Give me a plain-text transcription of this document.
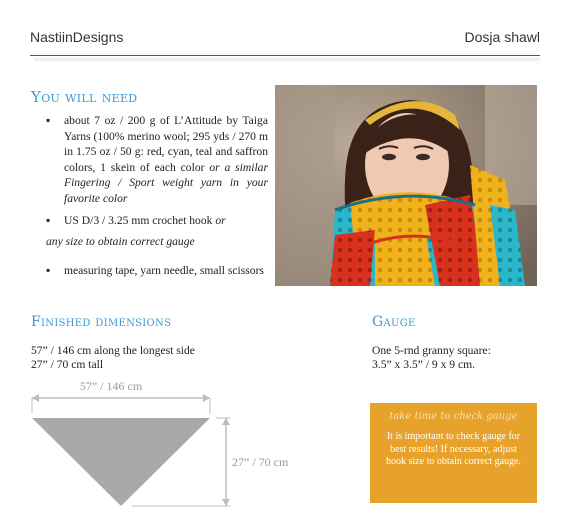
NastiinDesigns	Dosja shawl
You will need
▪ about 7 oz / 200 g of L’Attitude by Taiga Yarns (100% merino wool; 295 yds / 270 m in 1.75 oz / 50 g: red, cyan, teal and saffron colors, 1 skein of each color or a similar Fingering / Sport weight yarn in your favorite color
▪ US D/3 / 3.25 mm crochet hook or
any size to obtain correct gauge
▪ measuring tape, yarn needle, small scissors
Finished dimensions	Gauge
57” / 146 cm along the longest side
27” / 70 cm tall
One 5-rnd granny square:
3.5” x 3.5” / 9 x 9 cm.
57” / 146 cm
27” / 70 cm
take time to check gauge
It is important to check gauge for best results! If necessary, adjust hook size to obtain correct gauge.
